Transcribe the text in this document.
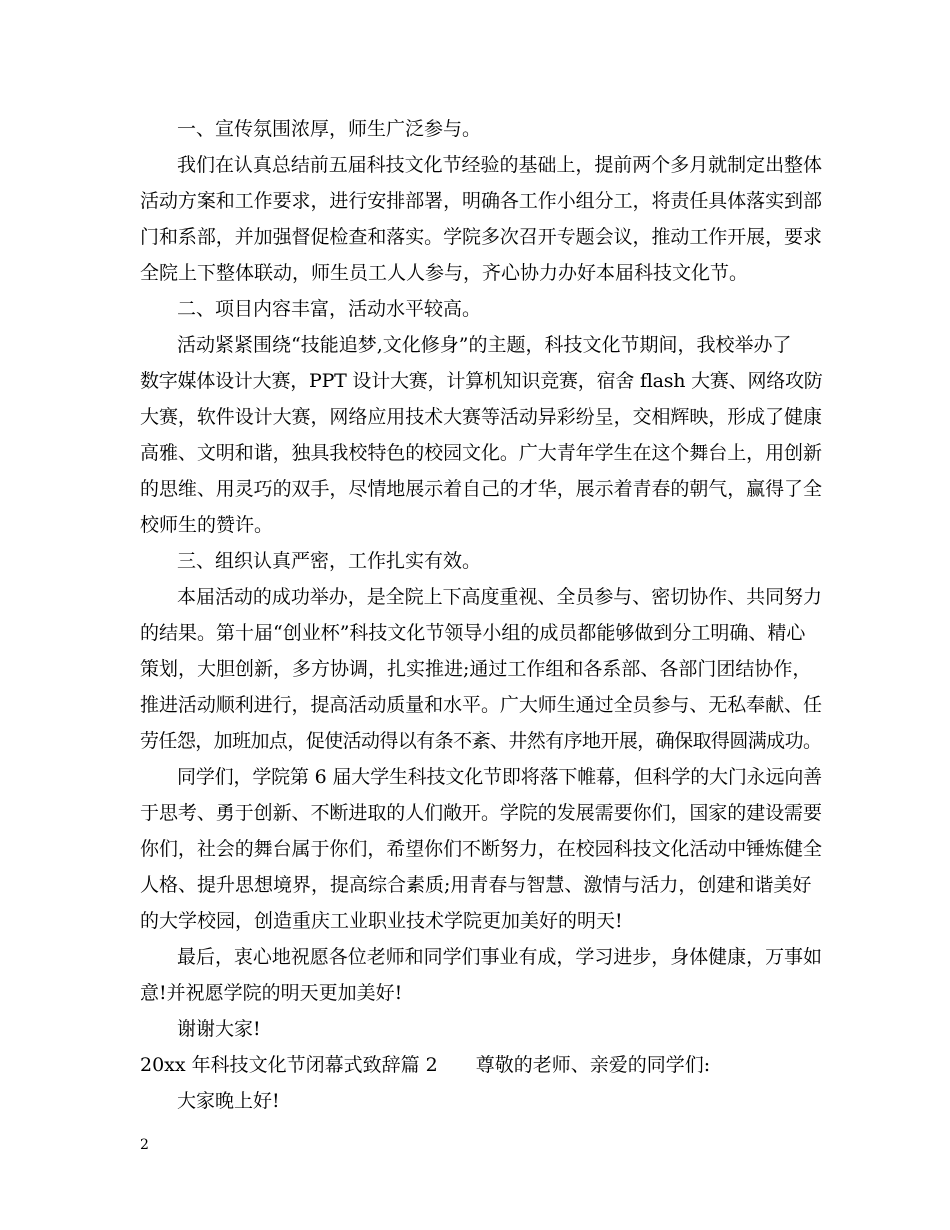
一、宣传氛围浓厚，师生广泛参与。
我们在认真总结前五届科技文化节经验的基础上，提前两个多月就制定出整体
活动方案和工作要求，进行安排部署，明确各工作小组分工，将责任具体落实到部
门和系部，并加强督促检查和落实。学院多次召开专题会议，推动工作开展，要求
全院上下整体联动，师生员工人人参与，齐心协力办好本届科技文化节。
二、项目内容丰富，活动水平较高。
活动紧紧围绕“技能追梦,文化修身”的主题，科技文化节期间，我校举办了
数字媒体设计大赛，PPT 设计大赛，计算机知识竞赛，宿舍 flash 大赛、网络攻防
大赛，软件设计大赛，网络应用技术大赛等活动异彩纷呈，交相辉映，形成了健康
高雅、文明和谐，独具我校特色的校园文化。广大青年学生在这个舞台上，用创新
的思维、用灵巧的双手，尽情地展示着自己的才华，展示着青春的朝气，赢得了全
校师生的赞许。
三、组织认真严密，工作扎实有效。
本届活动的成功举办，是全院上下高度重视、全员参与、密切协作、共同努力
的结果。第十届“创业杯”科技文化节领导小组的成员都能够做到分工明确、精心
策划，大胆创新，多方协调，扎实推进;通过工作组和各系部、各部门团结协作，
推进活动顺利进行，提高活动质量和水平。广大师生通过全员参与、无私奉献、任
劳任怨，加班加点，促使活动得以有条不紊、井然有序地开展，确保取得圆满成功。
同学们，学院第 6 届大学生科技文化节即将落下帷幕，但科学的大门永远向善
于思考、勇于创新、不断进取的人们敞开。学院的发展需要你们，国家的建设需要
你们，社会的舞台属于你们，希望你们不断努力，在校园科技文化活动中锤炼健全
人格、提升思想境界，提高综合素质;用青春与智慧、激情与活力，创建和谐美好
的大学校园，创造重庆工业职业技术学院更加美好的明天!
最后，衷心地祝愿各位老师和同学们事业有成，学习进步，身体健康，万事如
意!并祝愿学院的明天更加美好!
谢谢大家!
20xx 年科技文化节闭幕式致辞篇 2　　尊敬的老师、亲爱的同学们:
大家晚上好!
2
